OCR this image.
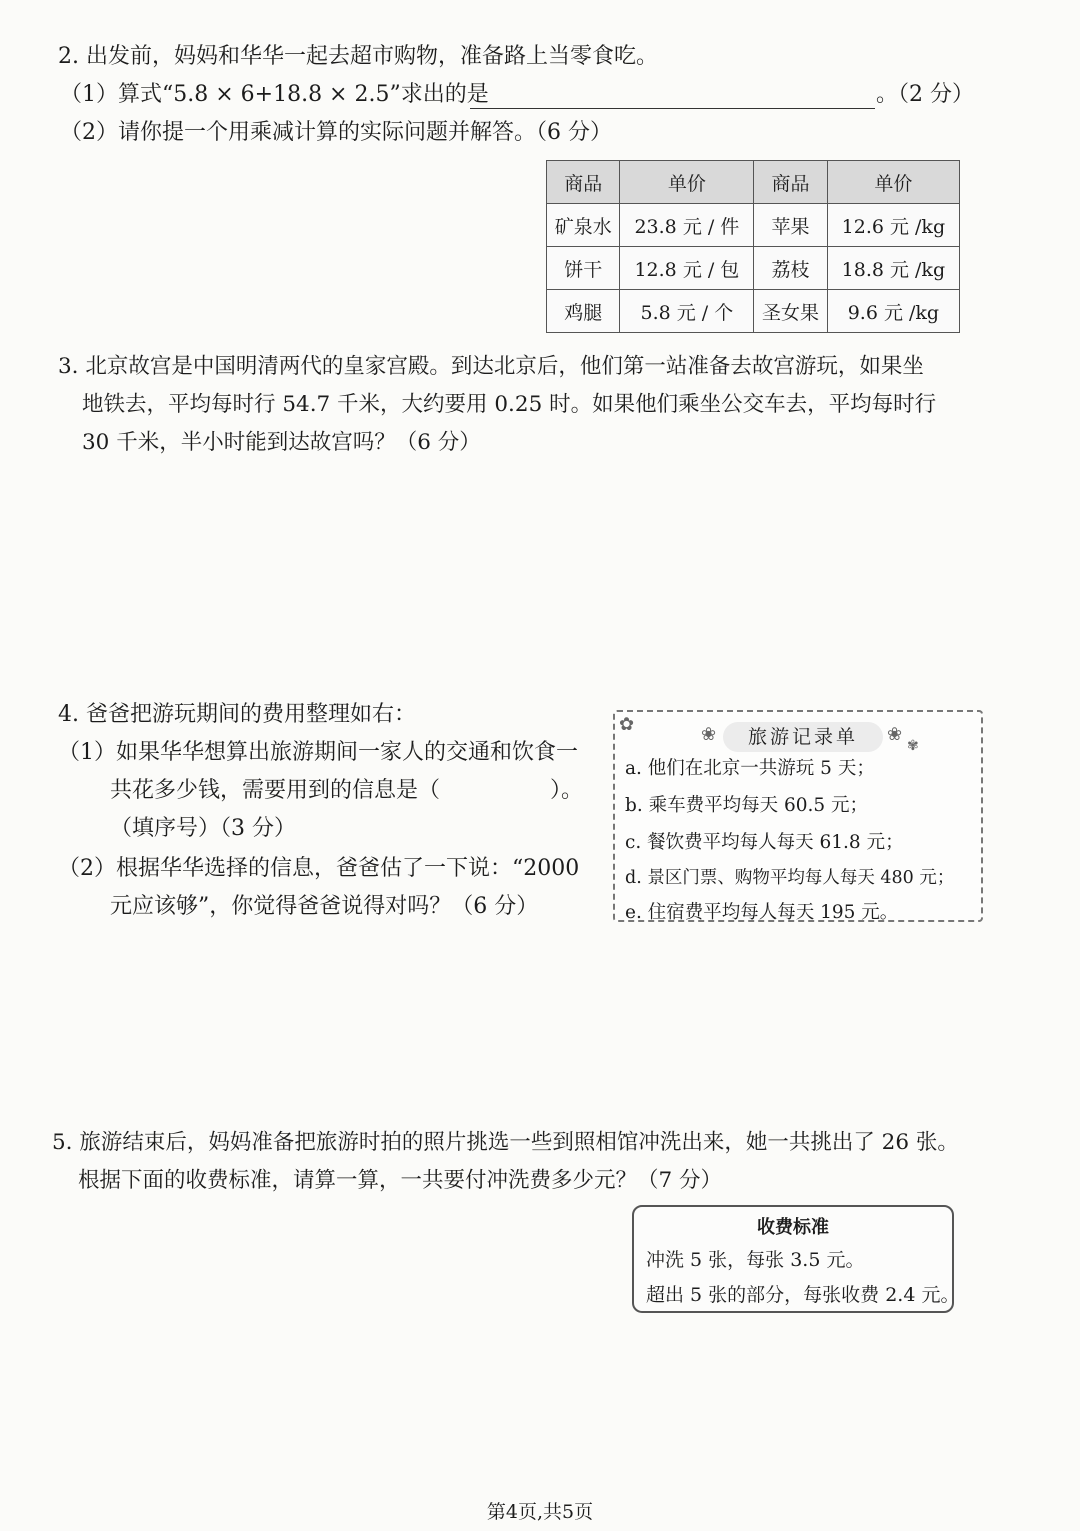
2. 出发前，妈妈和华华一起去超市购物，准备路上当零食吃。
（1）算式“5.8 × 6+18.8 × 2.5”求出的是	。（2 分）
（2）请你提一个用乘减计算的实际问题并解答。（6 分）
商品	单价	商品	单价
矿泉水	23.8 元 / 件	苹果	12.6 元 /kg
饼干	12.8 元 / 包	荔枝	18.8 元 /kg
鸡腿	5.8 元 / 个	圣女果	9.6 元 /kg
3. 北京故宫是中国明清两代的皇家宫殿。到达北京后，他们第一站准备去故宫游玩，如果坐
地铁去，平均每时行 54.7 千米，大约要用 0.25 时。如果他们乘坐公交车去，平均每时行
30 千米，半小时能到达故宫吗？（6 分）
4. 爸爸把游玩期间的费用整理如右：
（1）如果华华想算出旅游期间一家人的交通和饮食一
共花多少钱，需要用到的信息是（　　　　　）。
（填序号）（3 分）
（2）根据华华选择的信息，爸爸估了一下说：“2000
元应该够”，你觉得爸爸说得对吗？（6 分）
✿	❀	❀
✾
旅游记录单
a. 他们在北京一共游玩 5 天；
b. 乘车费平均每天 60.5 元；
c. 餐饮费平均每人每天 61.8 元；
d. 景区门票、购物平均每人每天 480 元；
e. 住宿费平均每人每天 195 元。
5. 旅游结束后，妈妈准备把旅游时拍的照片挑选一些到照相馆冲洗出来，她一共挑出了 26 张。
根据下面的收费标准，请算一算，一共要付冲洗费多少元？（7 分）
收费标准
冲洗 5 张，每张 3.5 元。
超出 5 张的部分，每张收费 2.4 元。
第4页,共5页
